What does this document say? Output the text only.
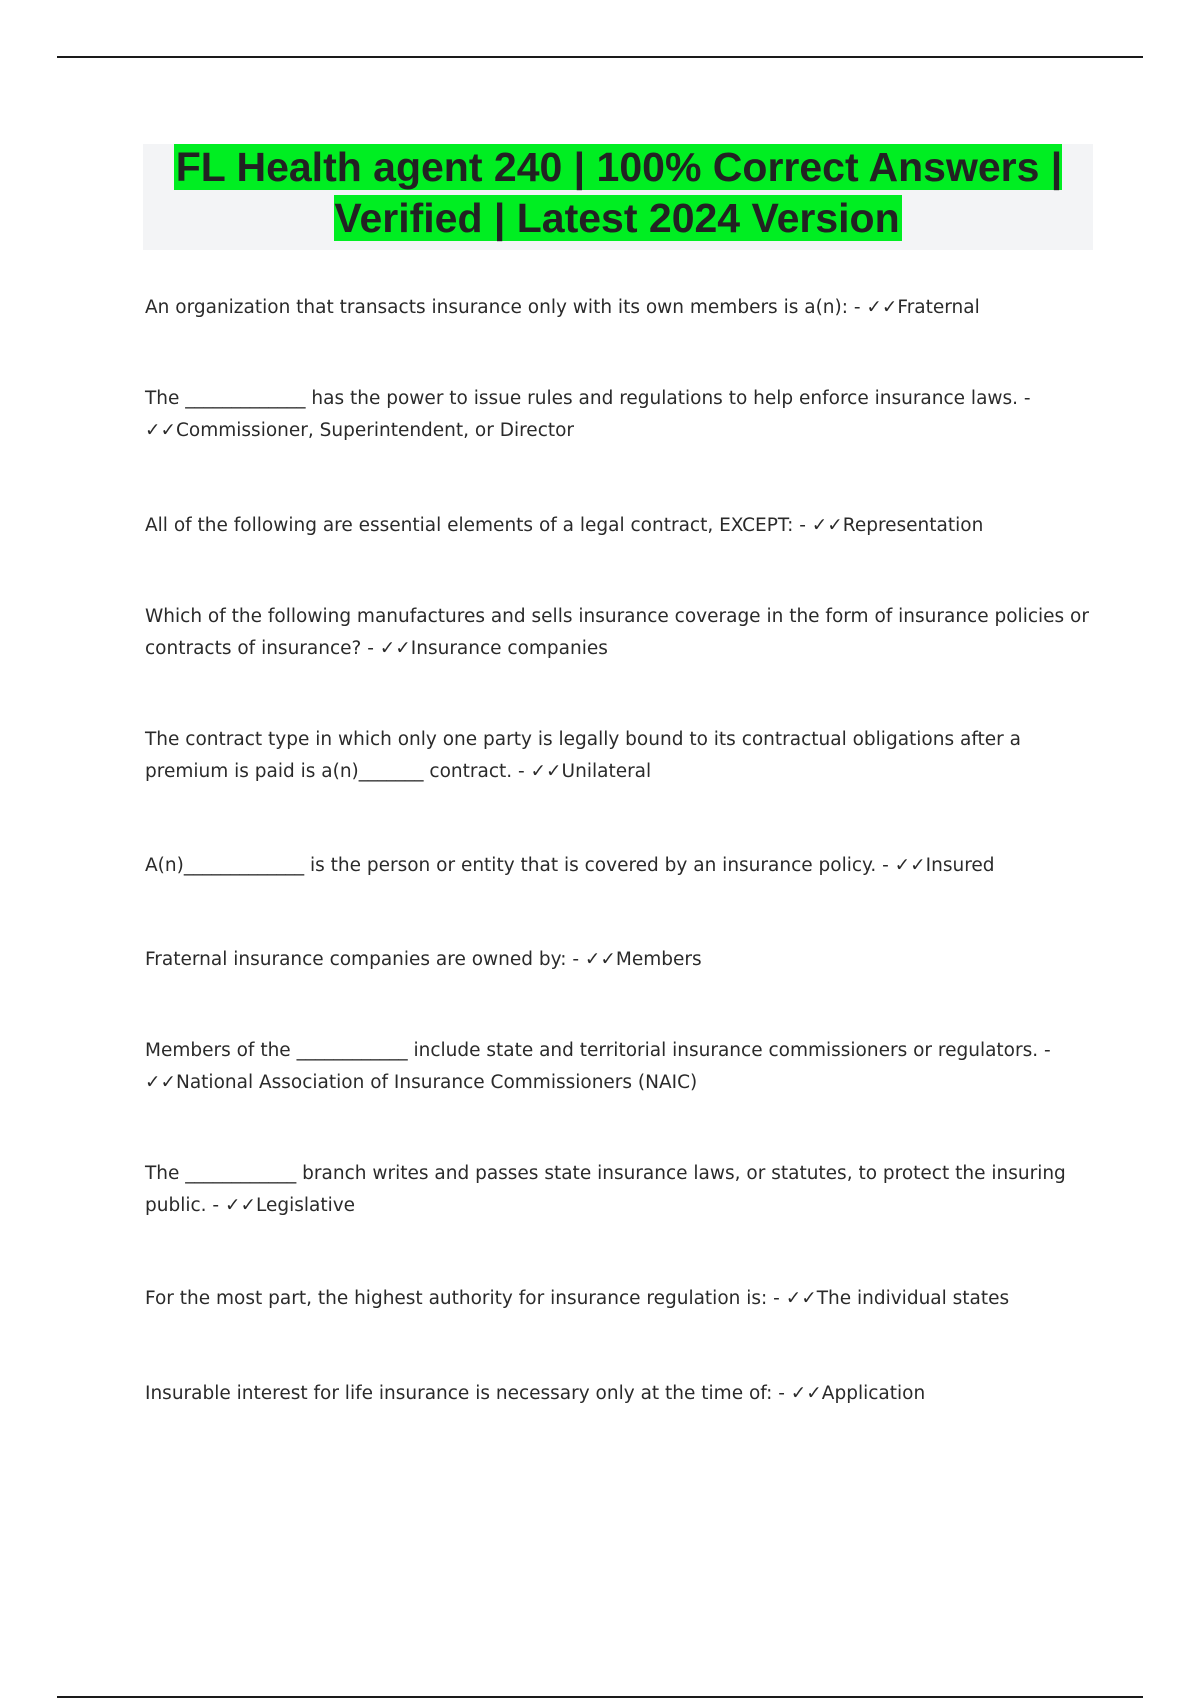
FL Health agent 240 | 100% Correct Answers | Verified | Latest 2024 Version

An organization that transacts insurance only with its own members is a(n): - ✓✓Fraternal

The _____________ has the power to issue rules and regulations to help enforce insurance laws. - ✓✓Commissioner, Superintendent, or Director

All of the following are essential elements of a legal contract, EXCEPT: - ✓✓Representation

Which of the following manufactures and sells insurance coverage in the form of insurance policies or contracts of insurance? - ✓✓Insurance companies

The contract type in which only one party is legally bound to its contractual obligations after a premium is paid is a(n)_______ contract. - ✓✓Unilateral

A(n)_____________ is the person or entity that is covered by an insurance policy. - ✓✓Insured

Fraternal insurance companies are owned by: - ✓✓Members

Members of the ____________ include state and territorial insurance commissioners or regulators. - ✓✓National Association of Insurance Commissioners (NAIC)

The ____________ branch writes and passes state insurance laws, or statutes, to protect the insuring public. - ✓✓Legislative

For the most part, the highest authority for insurance regulation is: - ✓✓The individual states

Insurable interest for life insurance is necessary only at the time of: - ✓✓Application
